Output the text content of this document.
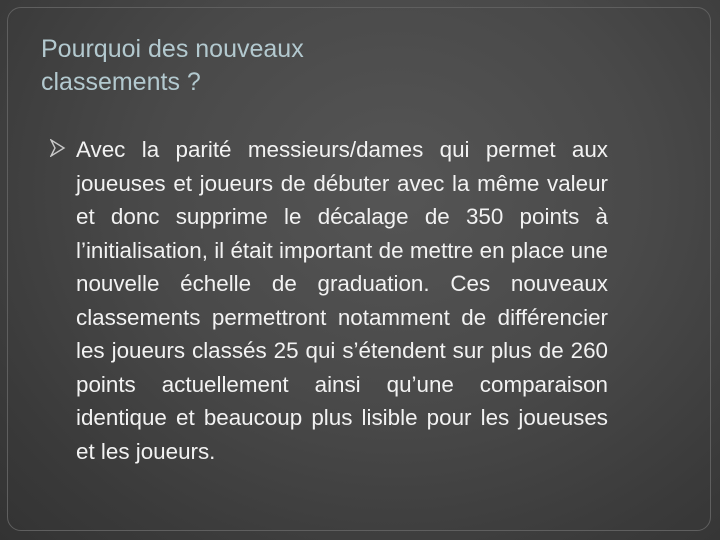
Pourquoi des nouveaux
classements ?

Avec la parité messieurs/dames qui permet aux joueuses et joueurs de débuter avec la même valeur et donc supprime le décalage de 350 points à l’initialisation, il était important de mettre en place une nouvelle échelle de graduation. Ces nouveaux classements permettront notamment de différencier les joueurs classés 25 qui s’étendent sur plus de 260 points actuellement ainsi qu’une comparaison identique et beaucoup plus lisible pour les joueuses et les joueurs.
